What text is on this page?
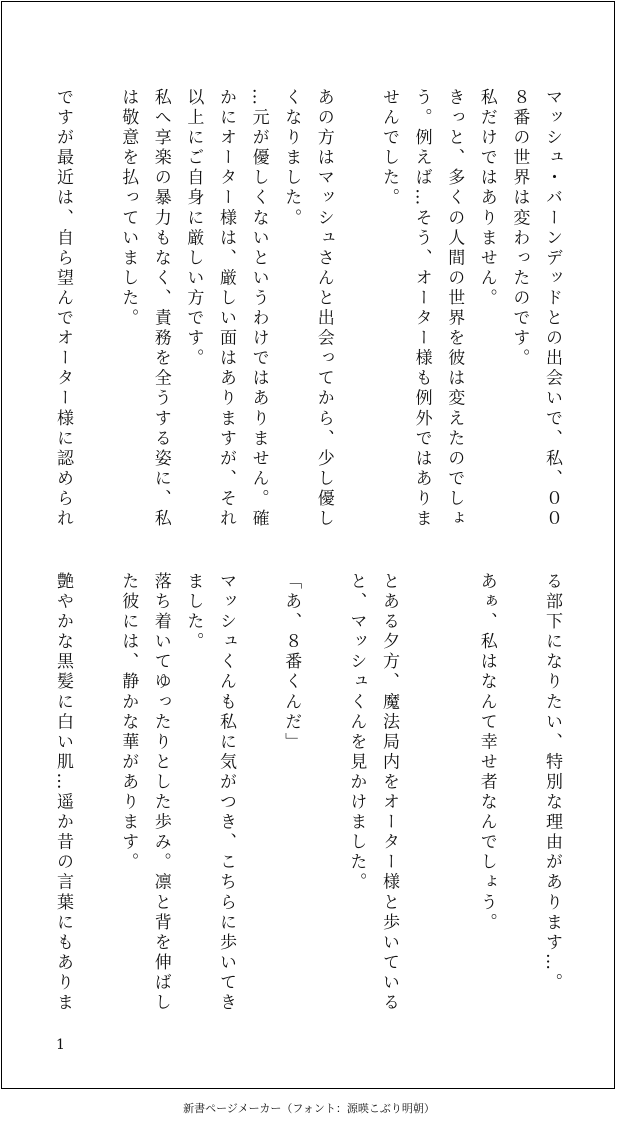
マッシュ・バーンデッドとの出会いで、私、００
８番の世界は変わったのです。
私だけではありません。
きっと、多くの人間の世界を彼は変えたのでしょ
う。例えば…そう、オーター様も例外ではありま
せんでした。
あの方はマッシュさんと出会ってから、少し優し
くなりました。
…元が優しくないというわけではありません。確
かにオーター様は、厳しい面はありますが、それ
以上にご自身に厳しい方です。
私へ享楽の暴力もなく、責務を全うする姿に、私
は敬意を払っていました。
ですが最近は、自ら望んでオーター様に認められ
る部下になりたい、特別な理由があります…。
あぁ、私はなんて幸せ者なんでしょう。
とある夕方、魔法局内をオーター様と歩いている
と、マッシュくんを見かけました。
「あ、８番くんだ」
マッシュくんも私に気がつき、こちらに歩いてき
ました。
落ち着いてゆったりとした歩み。凛と背を伸ばし
た彼には、静かな華があります。
艶やかな黒髪に白い肌…遥か昔の言葉にもありま
1
新書ページメーカー（フォント：源暎こぶり明朝）
